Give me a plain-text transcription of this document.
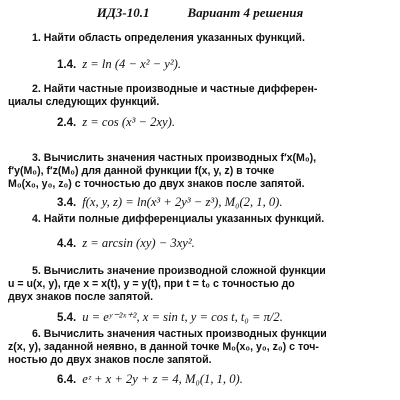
ИДЗ-10.1	Вариант 4 решения
1. Найти область определения указанных функций.
1.4. z = ln (4 − x² − y²).
2. Найти частные производные и частные дифферен-
циалы следующих функций.
2.4. z = cos (x³ − 2xy).
3. Вычислить значения частных производных f′x(M₀),
f′y(M₀), f′z(M₀) для данной функции f(x, y, z) в точке
M₀(x₀, y₀, z₀) с точностью до двух знаков после запятой.
3.4. f(x, y, z) = ln(x³ + 2y³ − z³), M₀(2, 1, 0).
4. Найти полные дифференциалы указанных функций.
4.4. z = arcsin (xy) − 3xy².
5. Вычислить значение производной сложной функции
u = u(x, y), где x = x(t), y = y(t), при t = t₀ с точностью до
двух знаков после запятой.
5.4. u = eʸ⁻²ˣ⁺², x = sin t, y = cos t, t₀ = π/2.
6. Вычислить значения частных производных функции
z(x, y), заданной неявно, в данной точке M₀(x₀, y₀, z₀) с точ-
ностью до двух знаков после запятой.
6.4. eᶻ + x + 2y + z = 4, M₀(1, 1, 0).
